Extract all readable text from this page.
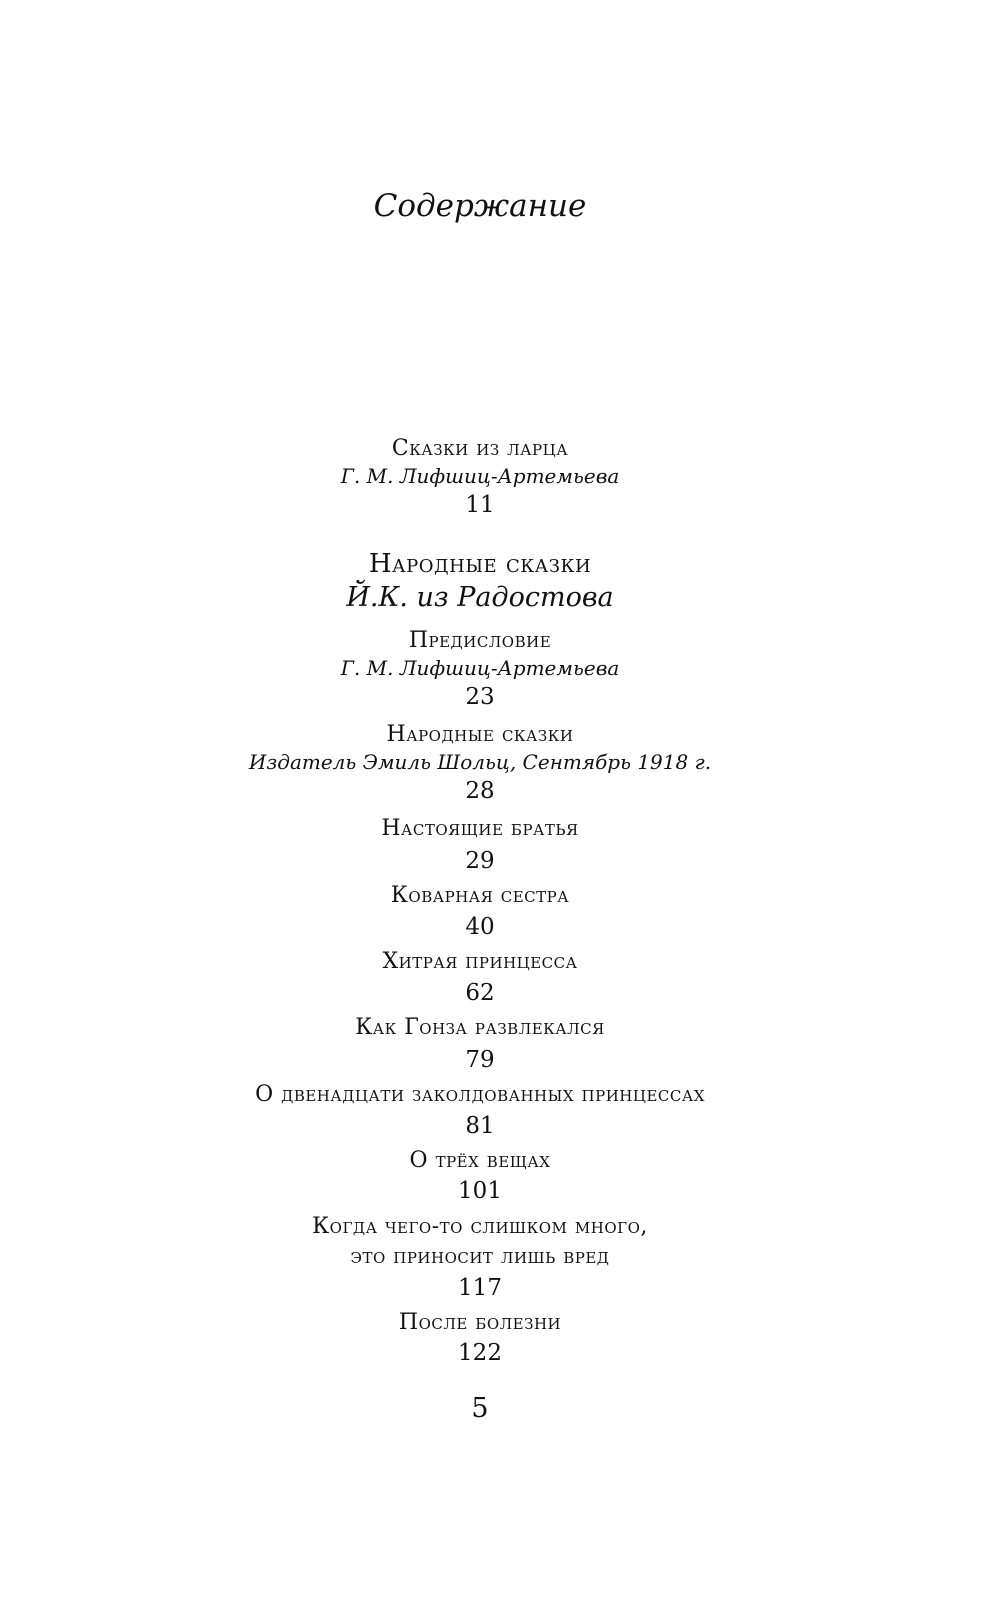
Содержание
Сказки из ларца
Г. М. Лифшиц-Артемьева
11
Народные сказки
Й.К. из Радостова
Предисловие
Г. М. Лифшиц-Артемьева
23
Народные сказки
Издатель Эмиль Шольц, Сентябрь 1918 г.
28
Настоящие братья
29
Коварная сестра
40
Хитрая принцесса
62
Как Гонза развлекался
79
О двенадцати заколдованных принцессах
81
О трёх вещах
101
Когда чего-то слишком много,
это приносит лишь вред
117
После болезни
122
5
